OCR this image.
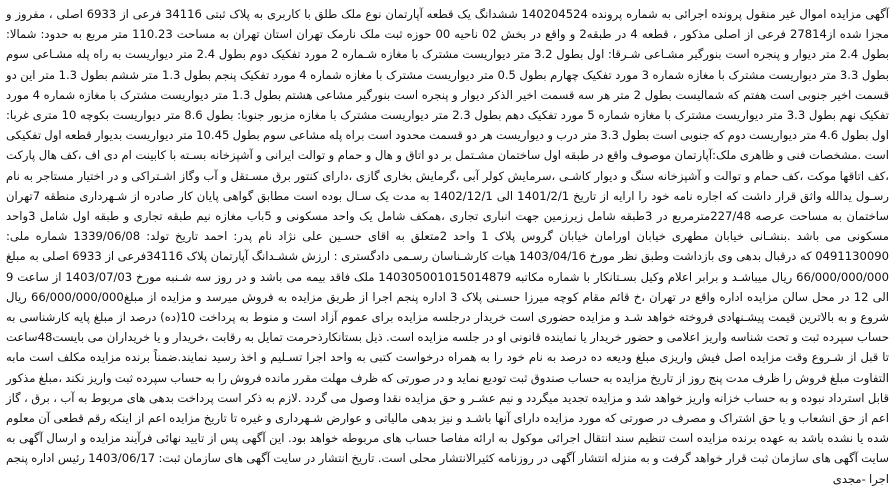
آگهی مزایده اموال غیر منقول پرونده اجرائی به شماره پرونده 140204524 ششدانگ یک قطعه آپارتمان نوع ملک طلق با کاربری به پلاک ثبتی 34116 فرعی از 6933 اصلی ، مفروز و مجزا شده از27814 فرعی از اصلی مذکور ، قطعه 4 در طبقه2 و واقع در بخش 02 ناحیه 00 حوزه ثبت ملک نارمک تهران استان تهران به مساحت 110.23 متر مربع به حدود: شمالا: بطول 2.4 متر دیوار و پنجره است بنورگیر مشـاعی شـرقا: اول بطول 3.2 متر دیواریست مشترک با مغازه شـماره 2 مورد تفکیک دوم بطول 2.4 متر دیواریست به راه پله مشـاعی سوم بطول 3.3 متر دیواریست مشترک با مغازه شماره 3 مورد تفکیک چهارم بطول 0.5 متر دیواریست مشترک با مغازه شماره 4 مورد تفکیک پنجم بطول 1.3 متر ششم بطول 1.3 متر این دو قسمت اخیر جنوبی است هفتم که شمالیست بطول 2 متر هر سه قسمت اخیر الذکر دیوار و پنجره است بنورگیر مشاعی هشتم بطول 1.3 متر دیواریست مشترک با مغازه شماره 4 مورد تفکیک نهم بطول 3.3 متر دیواریست مشترک با مغازه شماره 5 مورد تفکیک دهم بطول 2.3 متر دیواریست مشترک با مغازه مزبور جنوبا: بطول 8.6 متر دیواریست بکوچه 10 متری غربا: اول بطول 4.6 متر دیواریست دوم که جنوبی است بطول 3.3 متر درب و دیواریست هر دو قسمت محدود است براه پله مشاعی سوم بطول 10.45 متر دیواریست بدیوار قطعه اول تفکیکی است .مشخصات فنی و ظاهری ملک:آپارتمان موصوف واقع در طبقه اول ساختمان مشـتمل بر دو اتاق و هال و حمام و توالت ایرانی و آشپزخانه بسـته با کابینت ام دی اف ،کف هال پارکت ،کف اتاقها موکت ،کف حمام و توالت و آشپزخانه سنگ و دیوار کاشـی ،سرمایش کولر آبی ،گرمایش بخاری گازی ،دارای کنتور برق مسـتقل و آب وگاز اشـتراکی و در اختیار مستاجر به نام رسـول یدالله واثق قرار داشت که اجاره نامه خود را ارایه از تاریخ 1401/2/1 الی 1402/12/1 به مدت یک سـال بوده است مطابق گواهی پایان کار صادره از شـهرداری منطقه 7تهران ساختمان به مساحت عرصه 227/48مترمربع در 3طبقه شامل زیرزمین جهت انباری تجاری ،همکف شامل یک واحد مسکونی و 5باب مغازه نیم طبقه تجاری و طبقه اول شامل 3واحد مسکونی می باشد .بنشـانی خیابان مطهری خیابان اورامان خیابان گروس پلاک 1 واحد 2متعلق به اقای حسـین علی نژاد نام پدر: احمد تاریخ تولد: 1339/06/08 شماره ملی: 0491130090 که درقبال بدهی وی بازداشت وطبق نظر مورخ 1403/04/16 هیات کارشـناسان رسـمی دادگستری : ارزش ششـدانگ آپارتمان پلاک 34116فرعی از 6933 اصلی به مبلغ 66/000/000/000 ریال میباشـد و برابر اعلام وکیل بسـتانکار با شماره مکاتبه 140305001015014879 ملک فاقد بیمه می باشد و در روز سه شـنبه مورخ 1403/07/03 از ساعت 9 الی 12 در محل سالن مزایده اداره واقع در تهران ،خ قائم مقام کوچه میرزا حسـنی پلاک 3 اداره پنجم اجرا از طریق مزایده به فروش میرسد و مزایده از مبلغ66/000/000/000 ریال شروع و به بالاترین قیمت پیشـنهادی فروخته خواهد شـد و مزایده حضوری است خریدار درجلسه مزایده برای عموم آزاد است و منوط به پرداخت 10(ده) درصد از مبلغ پایه کارشناسی به حساب سپرده ثبت و تحت شناسه واریز اعلامی و حضور خریدار یا نماینده قانونی او در جلسه مزایده است. ذیل بستانکارذحرمت تمایل به رقابت ،خریدار و یا خریداران می بایست48ساعت تا قبل از شـروع وقت مزایده اصل فیش واریزی مبلغ ودیعه ده درصد به نام خود را به همراه درخواست کتبی به واحد اجرا تسـلیم و اخذ رسید نمایند.ضمناً برنده مزایده مکلف است مابه التفاوت مبلغ فروش را ظرف مدت پنج روز از تاریخ مزایده به حساب صندوق ثبت تودیع نماید و در صورتی که ظرف مهلت مقرر مانده فروش را به حساب سپرده ثبت واریز نکند ،مبلغ مذکور قابل استرداد نبوده و به حساب خزانه واریز خواهد شد و مزایده تجدید میگردد و نیم عشـر و حق مزایده نقدا وصول می گردد .لازم به ذکر است پرداخت بدهی های مربوط به آب ، برق ، گاز اعم از حق انشعاب و یا حق اشتراک و مصرف در صورتی که مورد مزایده دارای آنها باشـد و نیز بدهی مالیاتی و عوارض شـهرداری و غیره تا تاریخ مزایده اعم از اینکه رقم قطعی آن معلوم شده یا نشده باشد به عهده برنده مزایده است تنظیم سند انتقال اجرائی موکول به ارائه مفاصا حساب های مربوطه خواهد بود. این آگهی پس از تایید نهائی فرآیند مزایده و ارسال آگهی به سایت آگهی های سازمان ثبت قرار خواهد گرفت و به منزله انتشار آگهی در روزنامه کثیرالانتشار محلی است. تاریخ انتشار در سایت آگهی های سازمان ثبت: 1403/06/17 رئیس اداره پنجم اجرا -مجدی
